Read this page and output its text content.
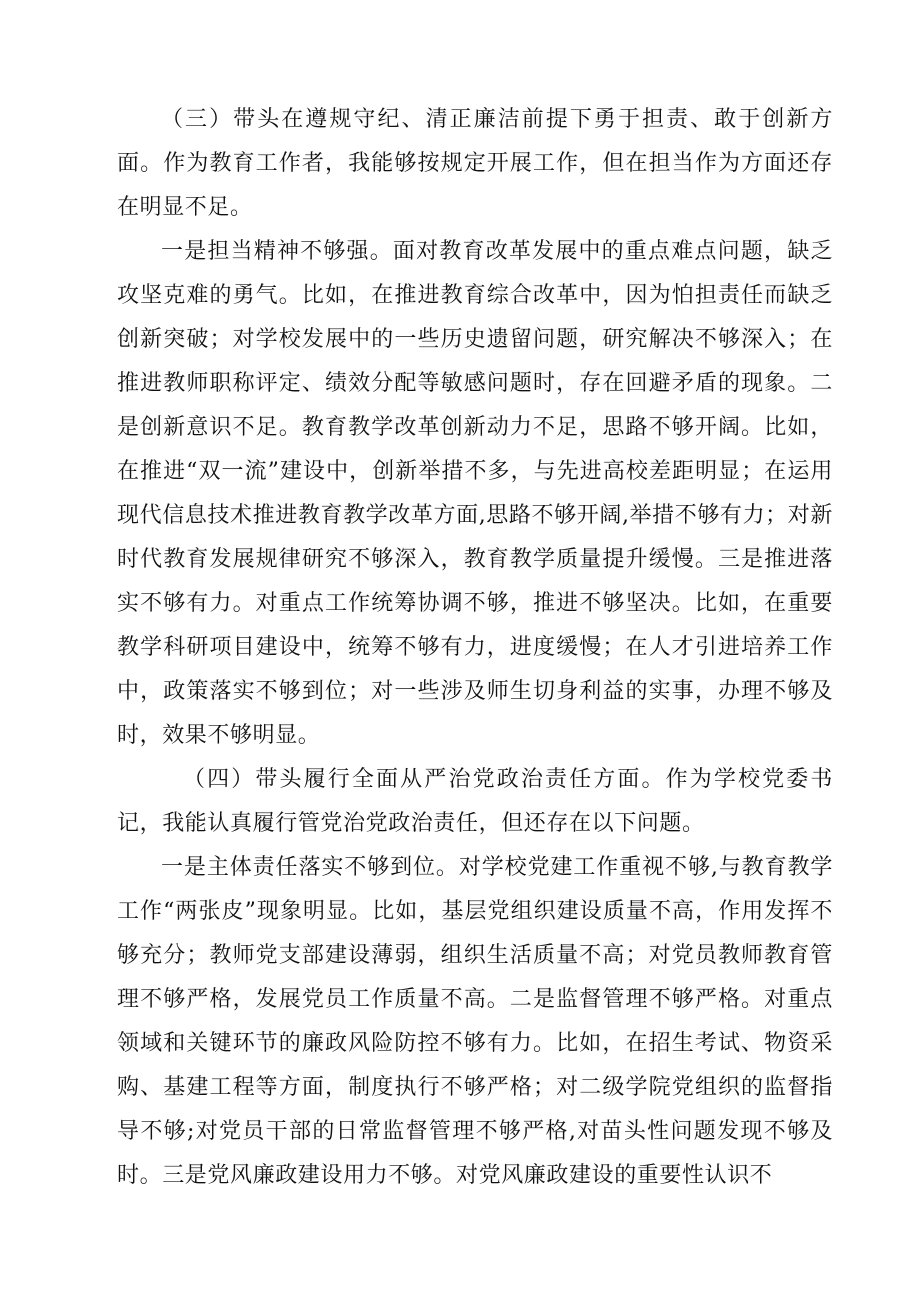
（三）带头在遵规守纪、清正廉洁前提下勇于担责、敢于创新方面。作为教育工作者，我能够按规定开展工作，但在担当作为方面还存在明显不足。

一是担当精神不够强。面对教育改革发展中的重点难点问题，缺乏攻坚克难的勇气。比如，在推进教育综合改革中，因为怕担责任而缺乏创新突破；对学校发展中的一些历史遗留问题，研究解决不够深入；在推进教师职称评定、绩效分配等敏感问题时，存在回避矛盾的现象。二是创新意识不足。教育教学改革创新动力不足，思路不够开阔。比如，在推进“双一流”建设中，创新举措不多，与先进高校差距明显；在运用现代信息技术推进教育教学改革方面,思路不够开阔,举措不够有力；对新时代教育发展规律研究不够深入，教育教学质量提升缓慢。三是推进落实不够有力。对重点工作统筹协调不够，推进不够坚决。比如，在重要教学科研项目建设中，统筹不够有力，进度缓慢；在人才引进培养工作中，政策落实不够到位；对一些涉及师生切身利益的实事，办理不够及时，效果不够明显。

（四）带头履行全面从严治党政治责任方面。作为学校党委书记，我能认真履行管党治党政治责任，但还存在以下问题。

一是主体责任落实不够到位。对学校党建工作重视不够,与教育教学工作“两张皮”现象明显。比如，基层党组织建设质量不高，作用发挥不够充分；教师党支部建设薄弱，组织生活质量不高；对党员教师教育管理不够严格，发展党员工作质量不高。二是监督管理不够严格。对重点领域和关键环节的廉政风险防控不够有力。比如，在招生考试、物资采购、基建工程等方面，制度执行不够严格；对二级学院党组织的监督指导不够;对党员干部的日常监督管理不够严格,对苗头性问题发现不够及时。三是党风廉政建设用力不够。对党风廉政建设的重要性认识不
